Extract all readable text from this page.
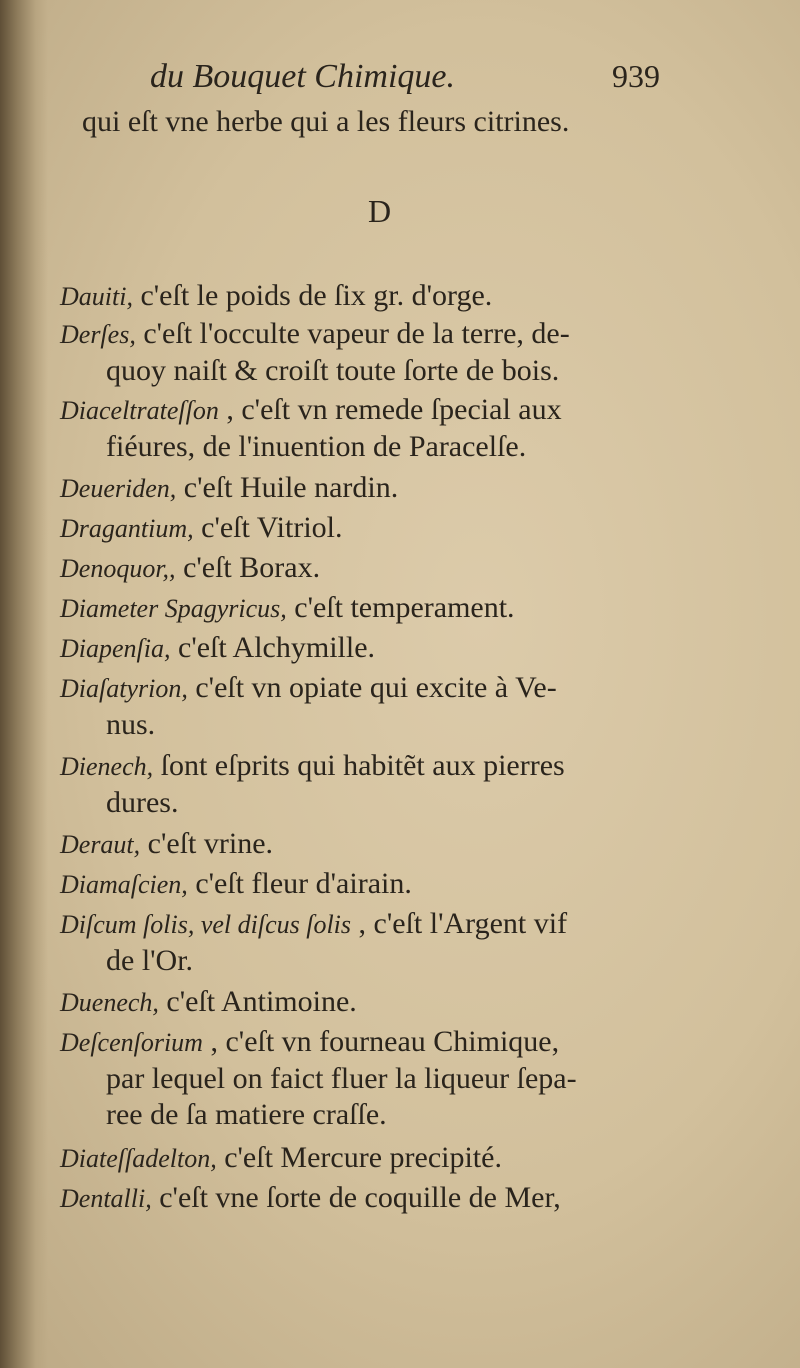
du Bouquet Chimique.	939
qui eſt vne herbe qui a les fleurs citrines.
D
Dauiti, c'eſt le poids de ſix gr. d'orge.
Derſes, c'eſt l'occulte vapeur de la terre, de-
quoy naiſt & croiſt toute ſorte de bois.
Diaceltrateſſon , c'eſt vn remede ſpecial aux
fiéures, de l'inuention de Paracelſe.
Deueriden, c'eſt Huile nardin.
Dragantium, c'eſt Vitriol.
Denoquor,, c'eſt Borax.
Diameter Spagyricus, c'eſt temperament.
Diapenſia, c'eſt Alchymille.
Diaſatyrion, c'eſt vn opiate qui excite à Ve-
nus.
Dienech, ſont eſprits qui habitẽt aux pierres
dures.
Deraut, c'eſt vrine.
Diamaſcien, c'eſt fleur d'airain.
Diſcum ſolis, vel diſcus ſolis , c'eſt l'Argent vif
de l'Or.
Duenech, c'eſt Antimoine.
Deſcenſorium , c'eſt vn fourneau Chimique,
par lequel on faict fluer la liqueur ſepa-
ree de ſa matiere craſſe.
Diateſſadelton, c'eſt Mercure precipité.
Dentalli, c'eſt vne ſorte de coquille de Mer,
